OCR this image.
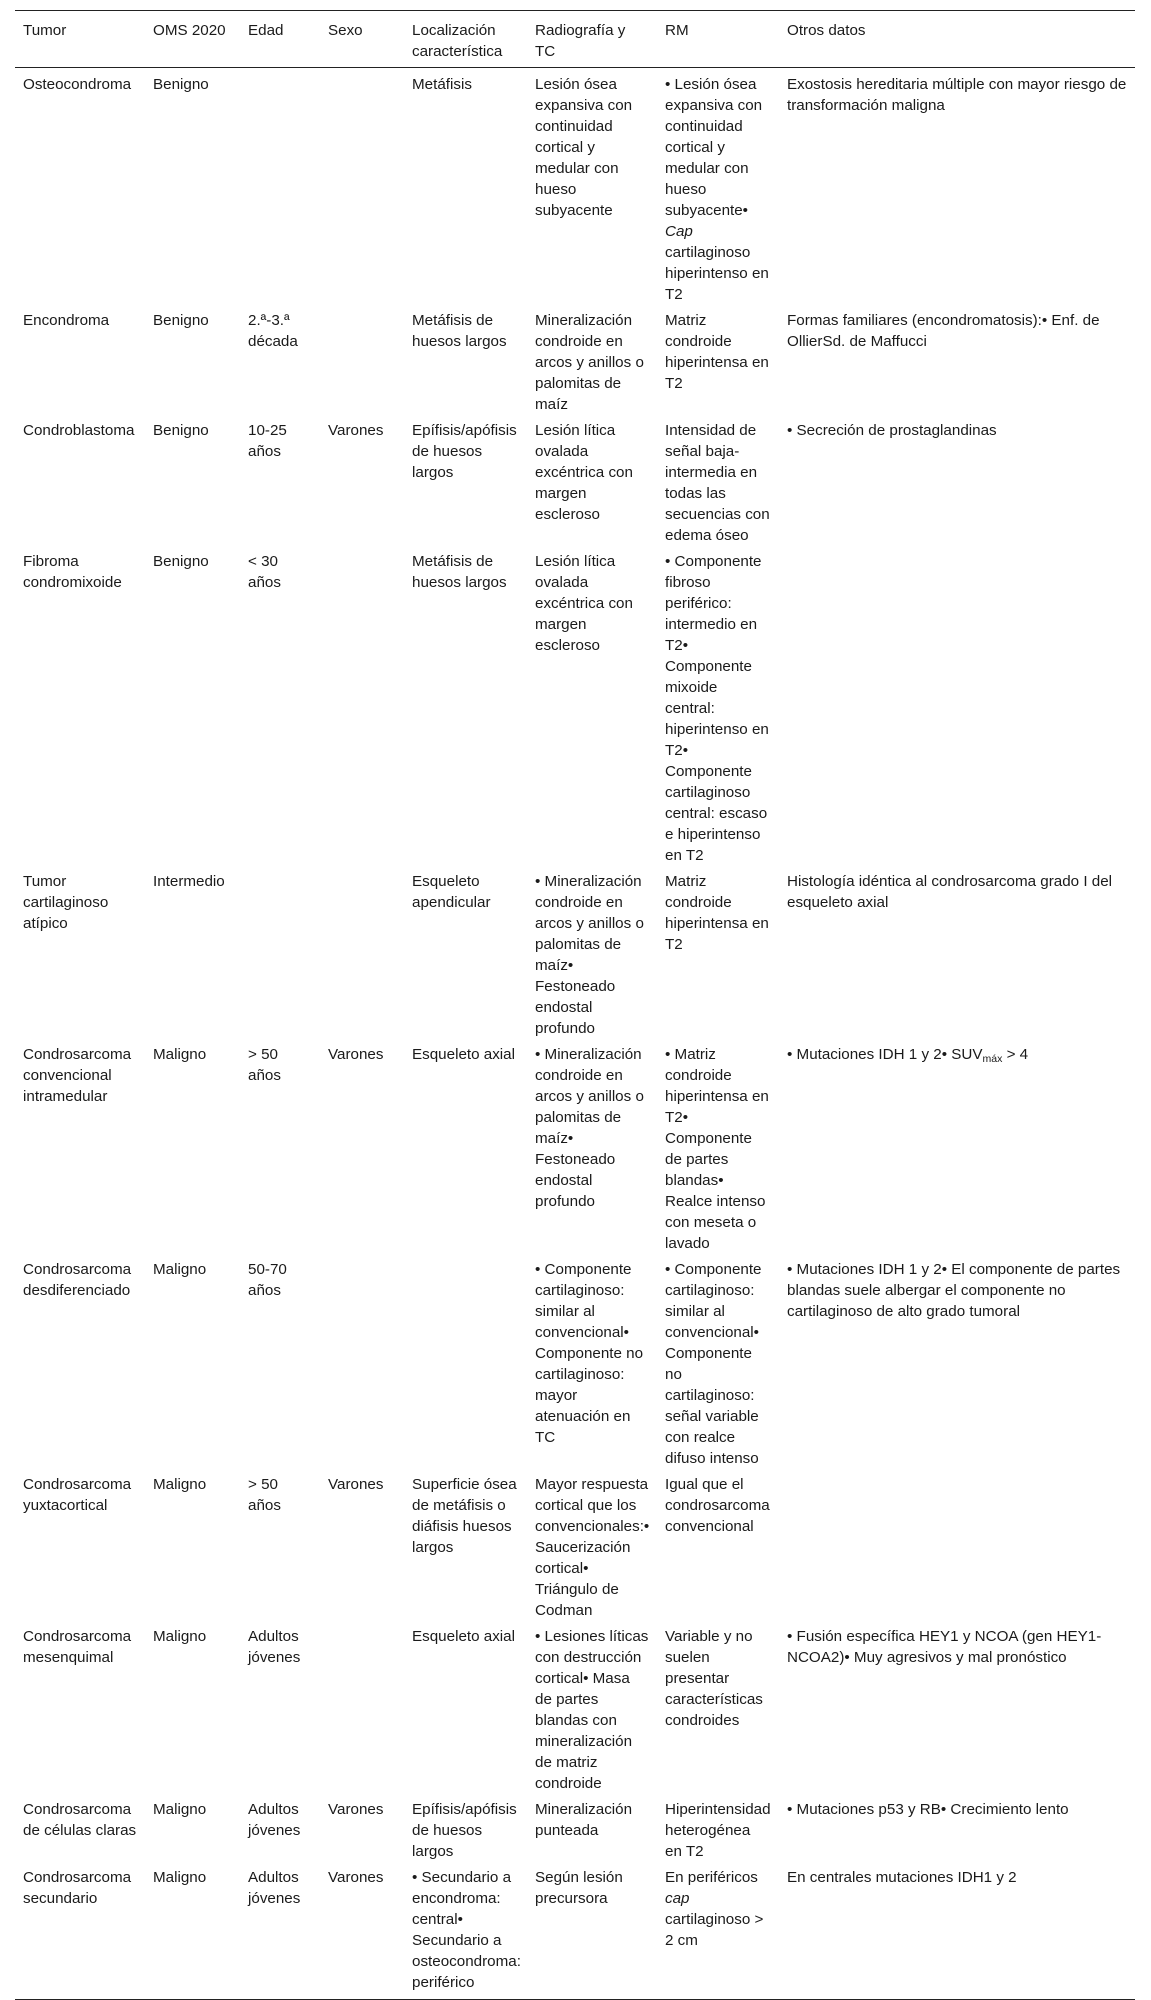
Tumor	OMS 2020	Edad	Sexo	Localización característica	Radiografía y TC	RM	Otros datos
Osteocondroma	Benigno			Metáfisis	Lesión ósea expansiva con continuidad cortical y medular con hueso subyacente	• Lesión ósea expansiva con continuidad cortical y medular con hueso subyacente• Cap cartilaginoso hiperintenso en T2	Exostosis hereditaria múltiple con mayor riesgo de transformación maligna
Encondroma	Benigno	2.ª-3.ª década		Metáfisis de huesos largos	Mineralización condroide en arcos y anillos o palomitas de maíz	Matriz condroide hiperintensa en T2	Formas familiares (encondromatosis):• Enf. de OllierSd. de Maffucci
Condroblastoma	Benigno	10-25 años	Varones	Epífisis/apófisis de huesos largos	Lesión lítica ovalada excéntrica con margen escleroso	Intensidad de señal baja-intermedia en todas las secuencias con edema óseo	• Secreción de prostaglandinas
Fibroma condromixoide	Benigno	< 30 años		Metáfisis de huesos largos	Lesión lítica ovalada excéntrica con margen escleroso	• Componente fibroso periférico: intermedio en T2• Componente mixoide central: hiperintenso en T2• Componente cartilaginoso central: escaso e hiperintenso en T2	
Tumor cartilaginoso atípico	Intermedio			Esqueleto apendicular	• Mineralización condroide en arcos y anillos o palomitas de maíz• Festoneado endostal profundo	Matriz condroide hiperintensa en T2	Histología idéntica al condrosarcoma grado I del esqueleto axial
Condrosarcoma convencional intramedular	Maligno	> 50 años	Varones	Esqueleto axial	• Mineralización condroide en arcos y anillos o palomitas de maíz• Festoneado endostal profundo	• Matriz condroide hiperintensa en T2• Componente de partes blandas• Realce intenso con meseta o lavado	• Mutaciones IDH 1 y 2• $SUV_{máx} > 4$
Condrosarcoma desdiferenciado	Maligno	50-70 años			• Componente cartilaginoso: similar al convencional• Componente no cartilaginoso: mayor atenuación en TC	• Componente cartilaginoso: similar al convencional• Componente no cartilaginoso: señal variable con realce difuso intenso	• Mutaciones IDH 1 y 2• El componente de partes blandas suele albergar el componente no cartilaginoso de alto grado tumoral
Condrosarcoma yuxtacortical	Maligno	> 50 años	Varones	Superficie ósea de metáfisis o diáfisis huesos largos	Mayor respuesta cortical que los convencionales:• Saucerización cortical• Triángulo de Codman	Igual que el condrosarcoma convencional	
Condrosarcoma mesenquimal	Maligno	Adultos jóvenes		Esqueleto axial	• Lesiones líticas con destrucción cortical• Masa de partes blandas con mineralización de matriz condroide	Variable y no suelen presentar características condroides	• Fusión específica HEY1 y NCOA (gen HEY1-NCOA2)• Muy agresivos y mal pronóstico
Condrosarcoma de células claras	Maligno	Adultos jóvenes	Varones	Epífisis/apófisis de huesos largos	Mineralización punteada	Hiperintensidad heterogénea en T2	• Mutaciones p53 y RB• Crecimiento lento
Condrosarcoma secundario	Maligno	Adultos jóvenes	Varones	• Secundario a encondroma: central• Secundario a osteocondroma: periférico	Según lesión precursora	En periféricos cap cartilaginoso > 2 cm	En centrales mutaciones IDH1 y 2
